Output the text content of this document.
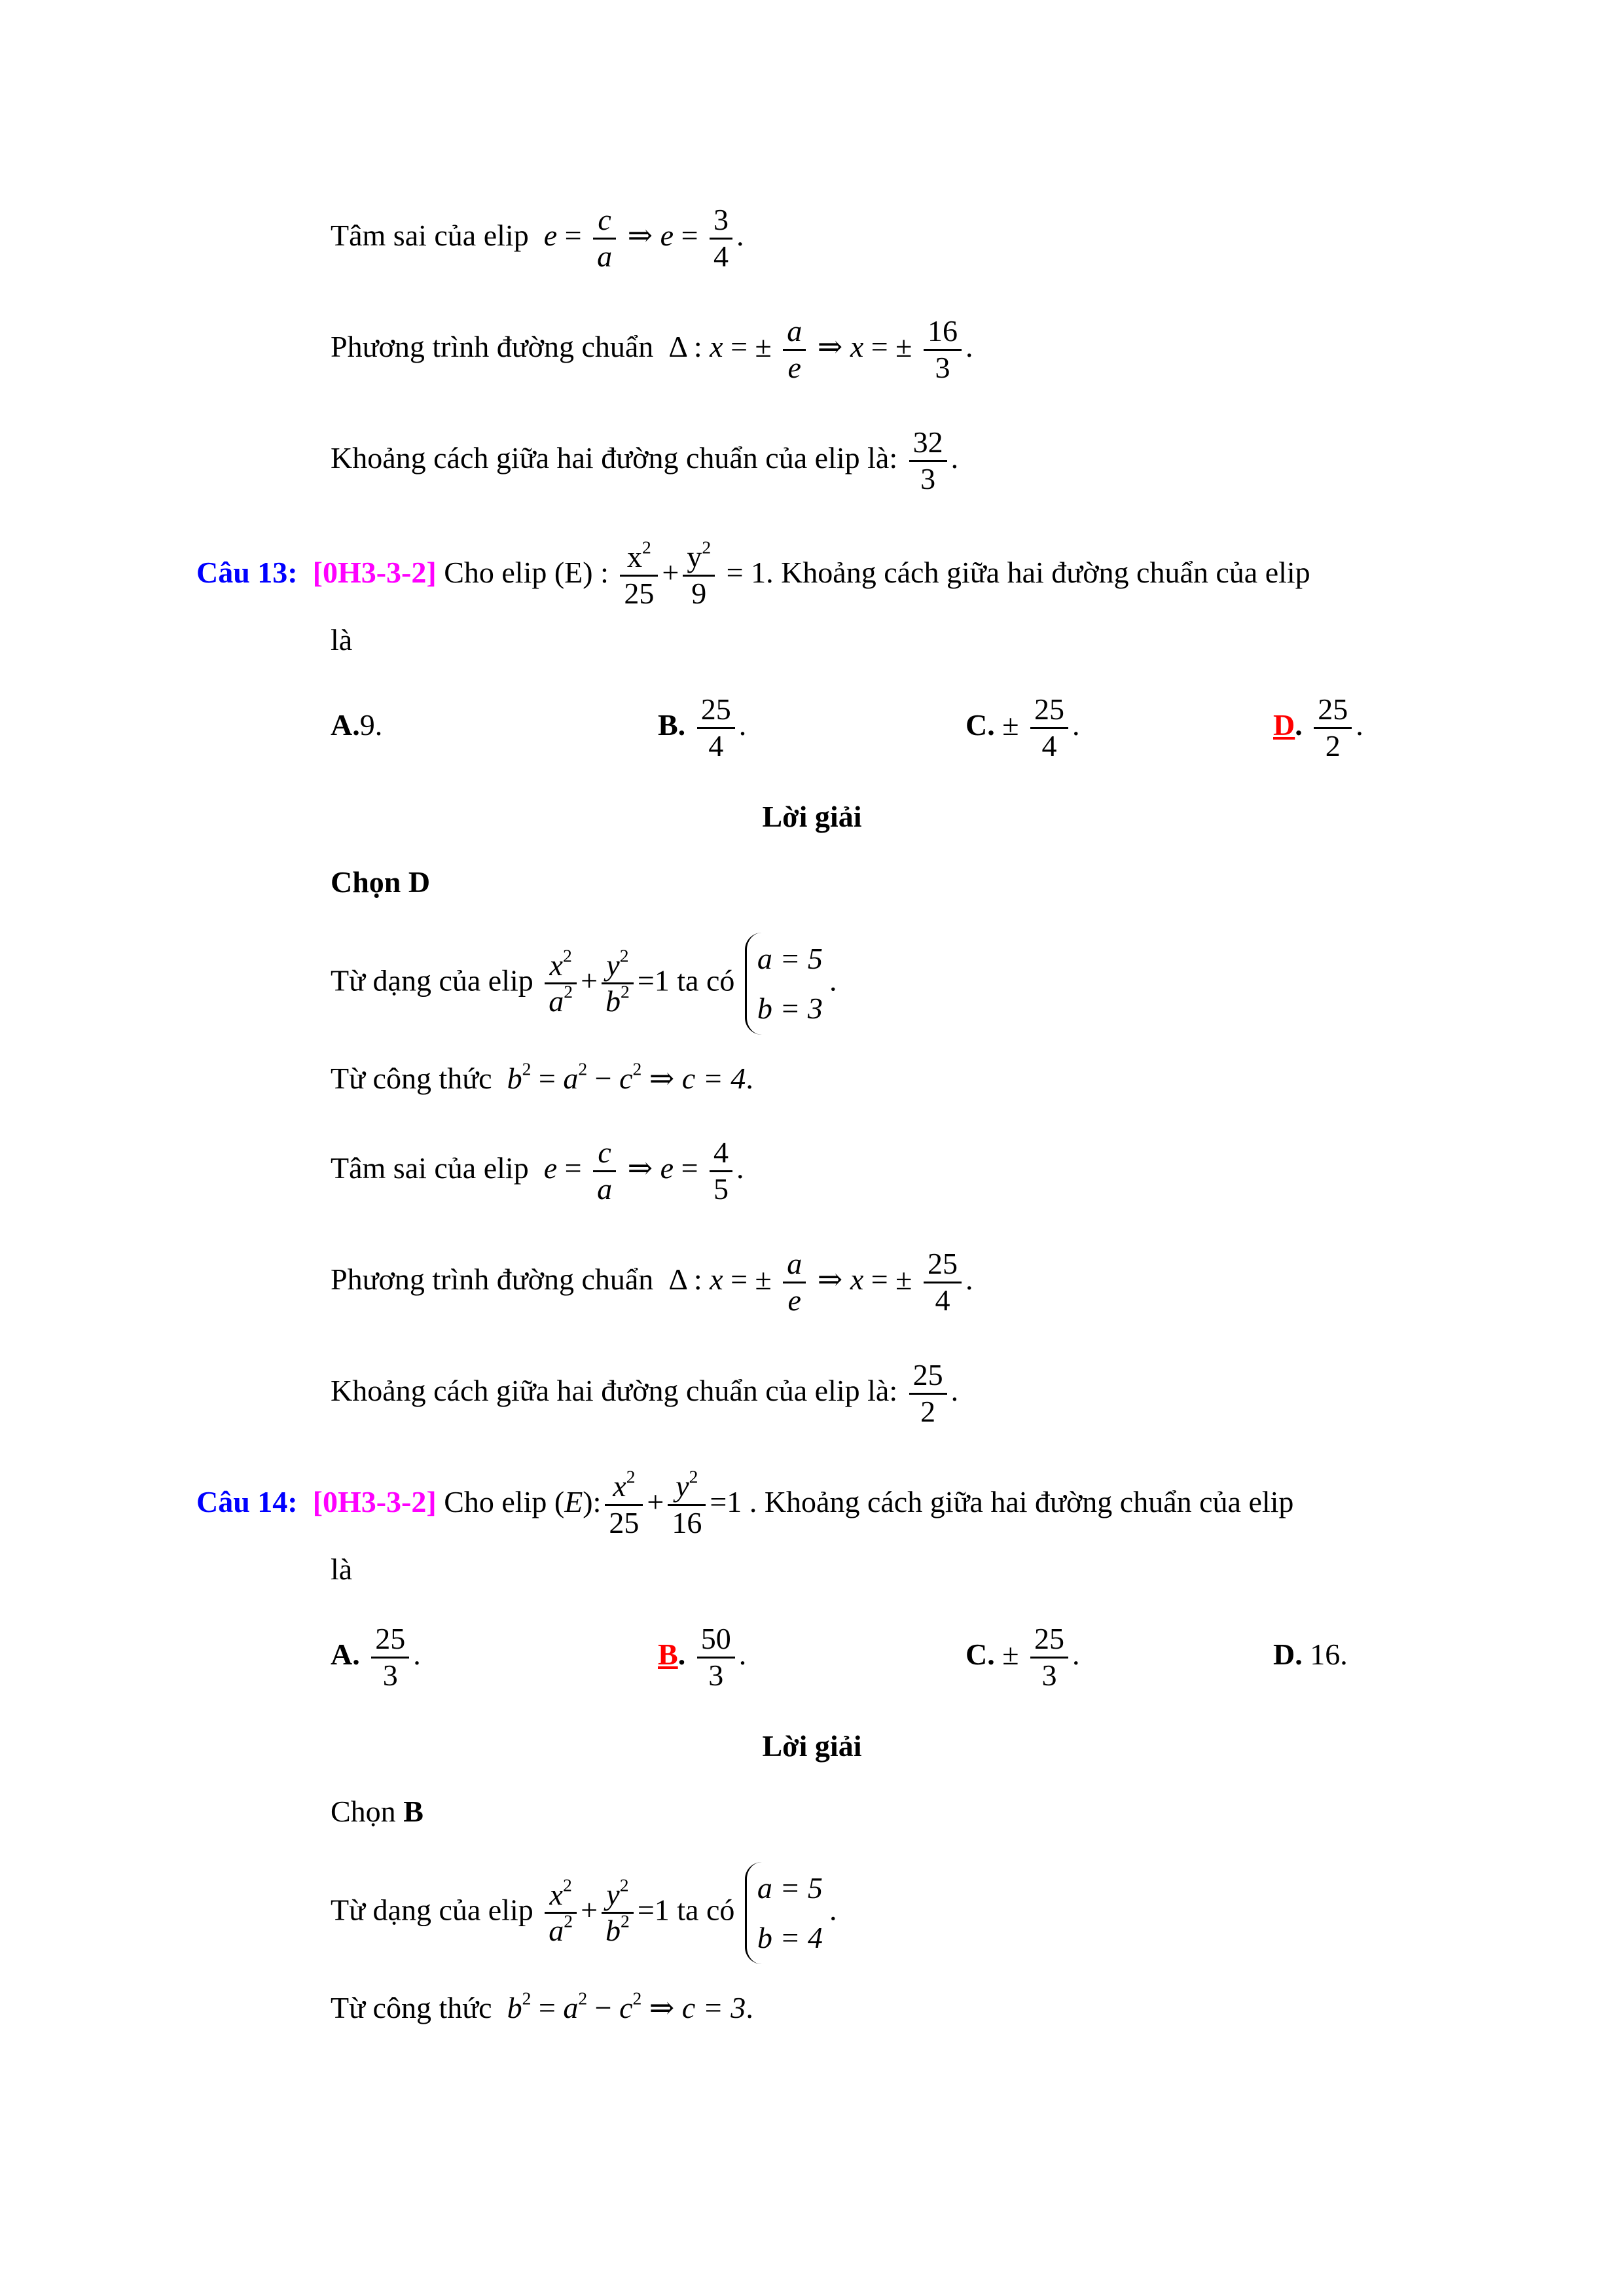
Tâm sai của elip $e = \frac{c}{a}$ ⇒ $e = \frac{3}{4}$ .
Phương trình đường chuẩn  Δ : x = ± $\frac{a}{e}$ ⇒ x = ± $\frac{16}{3}$ .
Khoảng cách giữa hai đường chuẩn của elip là: $\frac{32}{3}$ .
Câu 13: [0H3-3-2] Cho elip (E) : $\frac{x^2}{25} + \frac{y^2}{9} = 1$. Khoảng cách giữa hai đường chuẩn của elip
là
A.9.	B. $\frac{25}{4}$ .	C. ± $\frac{25}{4}$ .	D. $\frac{25}{2}$ .
Lời giải
Chọn D
Từ dạng của elip $\frac{x^2}{a^2} + \frac{y^2}{b^2} =1$ ta có
a = 5
b = 3
.
Từ công thức $b^2 = a^2 - c^2$ ⇒ c = 4.
Tâm sai của elip $e = \frac{c}{a}$ ⇒ $e = \frac{4}{5}$ .
Phương trình đường chuẩn  Δ : x = ± $\frac{a}{e}$ ⇒ x = ± $\frac{25}{4}$ .
Khoảng cách giữa hai đường chuẩn của elip là: $\frac{25}{2}$ .
Câu 14: [0H3-3-2] Cho elip (E): $\frac{x^2}{25} + \frac{y^2}{16} =1$ . Khoảng cách giữa hai đường chuẩn của elip
là
A. $\frac{25}{3}$ .	B. $\frac{50}{3}$ .	C. ± $\frac{25}{3}$ .	D. 16.
Lời giải
Chọn B
Từ dạng của elip $\frac{x^2}{a^2} + \frac{y^2}{b^2} =1$ ta có
a = 5
b = 4
.
Từ công thức $b^2 = a^2 - c^2$ ⇒ c = 3.
